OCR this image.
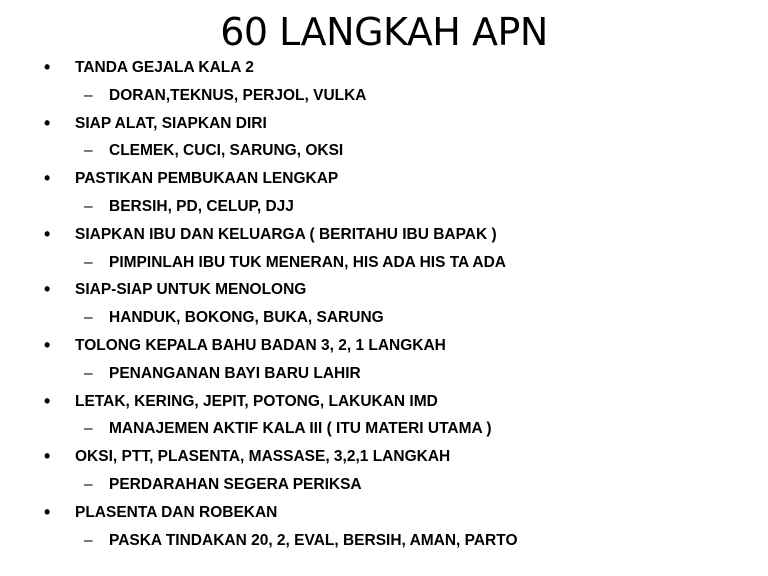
60 LANGKAH APN
• TANDA GEJALA KALA 2
– DORAN,TEKNUS, PERJOL, VULKA
• SIAP ALAT, SIAPKAN DIRI
– CLEMEK, CUCI, SARUNG, OKSI
• PASTIKAN PEMBUKAAN LENGKAP
– BERSIH, PD, CELUP, DJJ
• SIAPKAN IBU DAN KELUARGA ( BERITAHU IBU BAPAK )
– PIMPINLAH IBU TUK MENERAN, HIS ADA HIS TA ADA
• SIAP-SIAP UNTUK MENOLONG
– HANDUK, BOKONG, BUKA, SARUNG
• TOLONG KEPALA BAHU BADAN 3, 2, 1 LANGKAH
– PENANGANAN BAYI BARU LAHIR
• LETAK, KERING, JEPIT, POTONG, LAKUKAN IMD
– MANAJEMEN AKTIF KALA III ( ITU MATERI UTAMA )
• OKSI, PTT, PLASENTA, MASSASE, 3,2,1 LANGKAH
– PERDARAHAN SEGERA PERIKSA
• PLASENTA DAN ROBEKAN
– PASKA TINDAKAN 20, 2, EVAL, BERSIH, AMAN, PARTO
